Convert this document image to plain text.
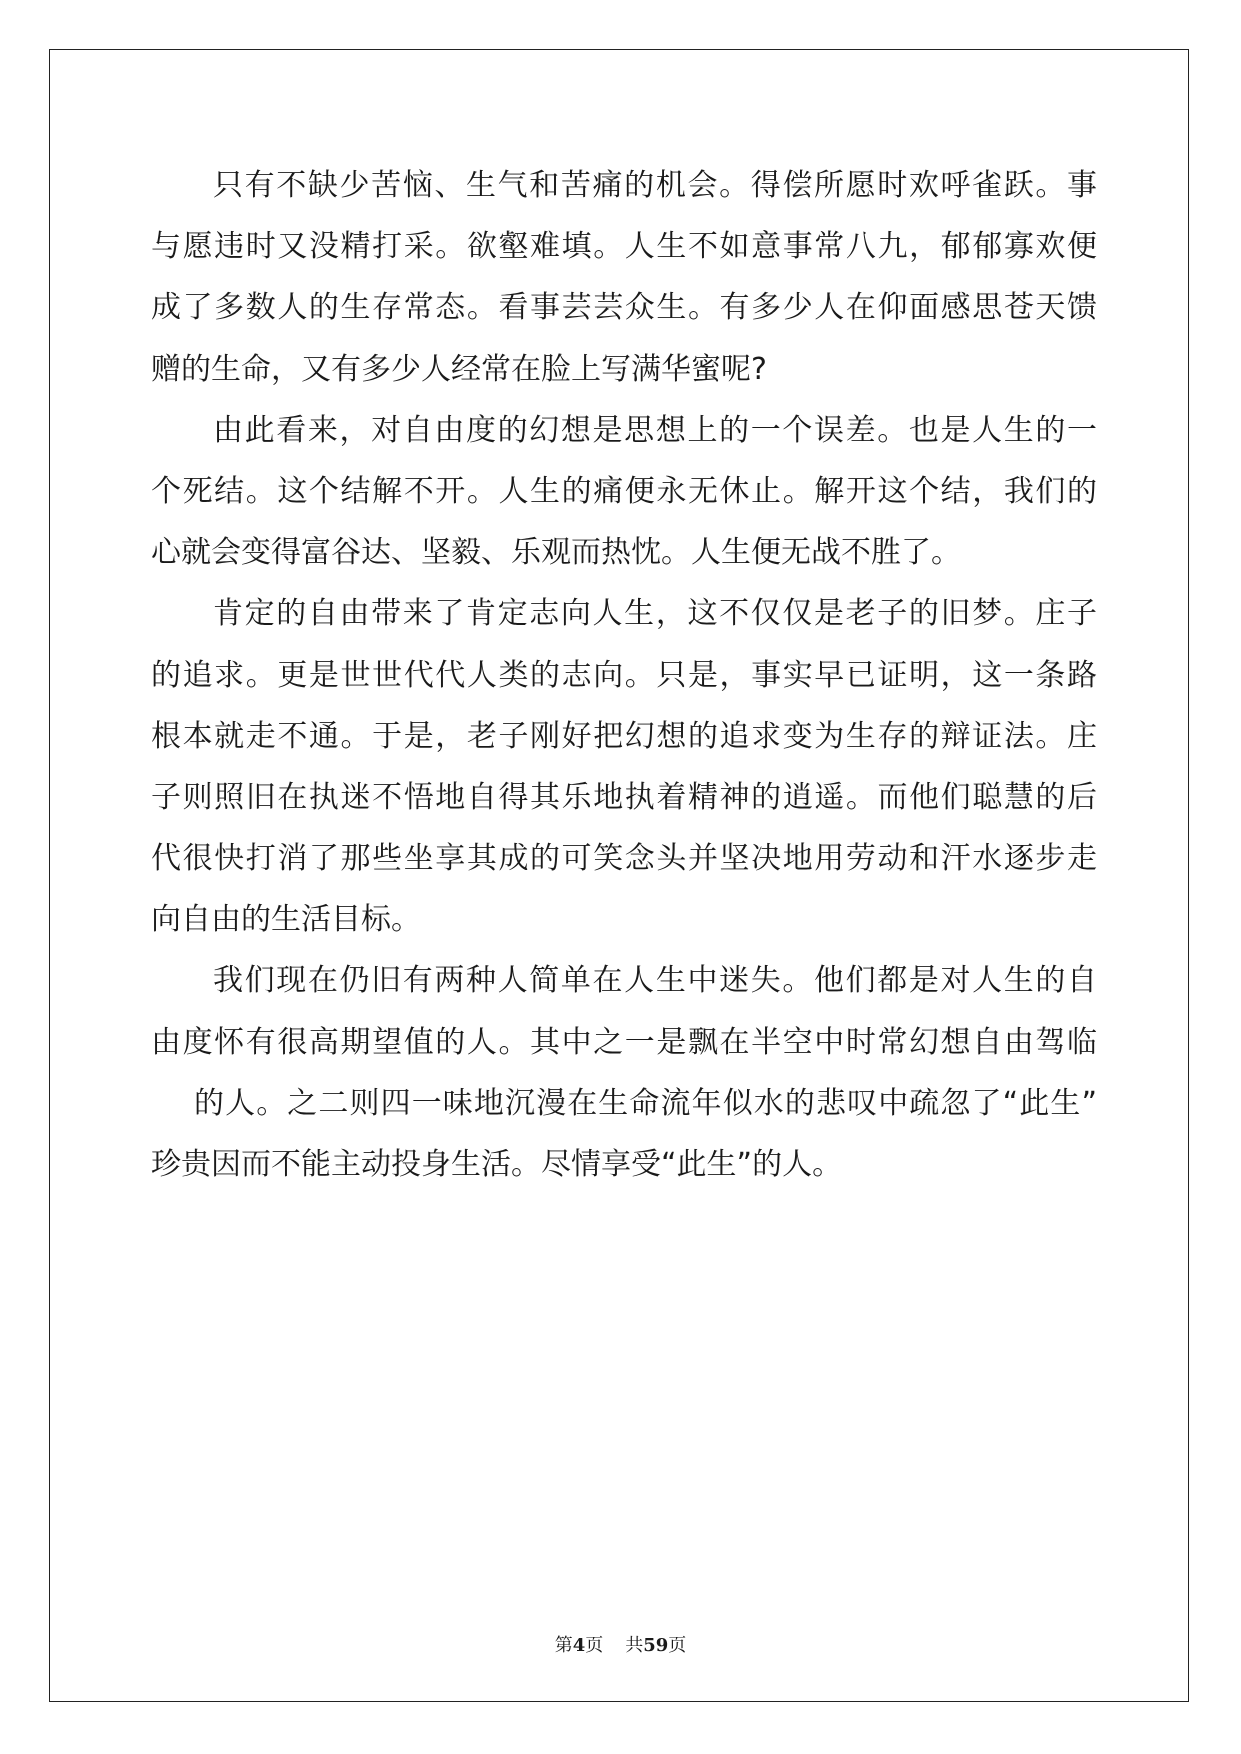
只有不缺少苦恼、生气和苦痛的机会。得偿所愿时欢呼雀跃。事
与愿违时又没精打采。欲壑难填。人生不如意事常八九，郁郁寡欢便
成了多数人的生存常态。看事芸芸众生。有多少人在仰面感思苍天馈
赠的生命，又有多少人经常在脸上写满华蜜呢?
由此看来，对自由度的幻想是思想上的一个误差。也是人生的一
个死结。这个结解不开。人生的痛便永无休止。解开这个结，我们的
心就会变得富谷达、坚毅、乐观而热忱。人生便无战不胜了。
肯定的自由带来了肯定志向人生，这不仅仅是老子的旧梦。庄子
的追求。更是世世代代人类的志向。只是，事实早已证明，这一条路
根本就走不通。于是，老子刚好把幻想的追求变为生存的辩证法。庄
子则照旧在执迷不悟地自得其乐地执着精神的逍遥。而他们聪慧的后
代很快打消了那些坐享其成的可笑念头并坚决地用劳动和汗水逐步走
向自由的生活目标。
我们现在仍旧有两种人简单在人生中迷失。他们都是对人生的自
由度怀有很高期望值的人。其中之一是飘在半空中时常幻想自由驾临
的人。之二则四一味地沉漫在生命流年似水的悲叹中疏忽了“此生”
珍贵因而不能主动投身生活。尽情享受“此生”的人。
第4页 共59页
